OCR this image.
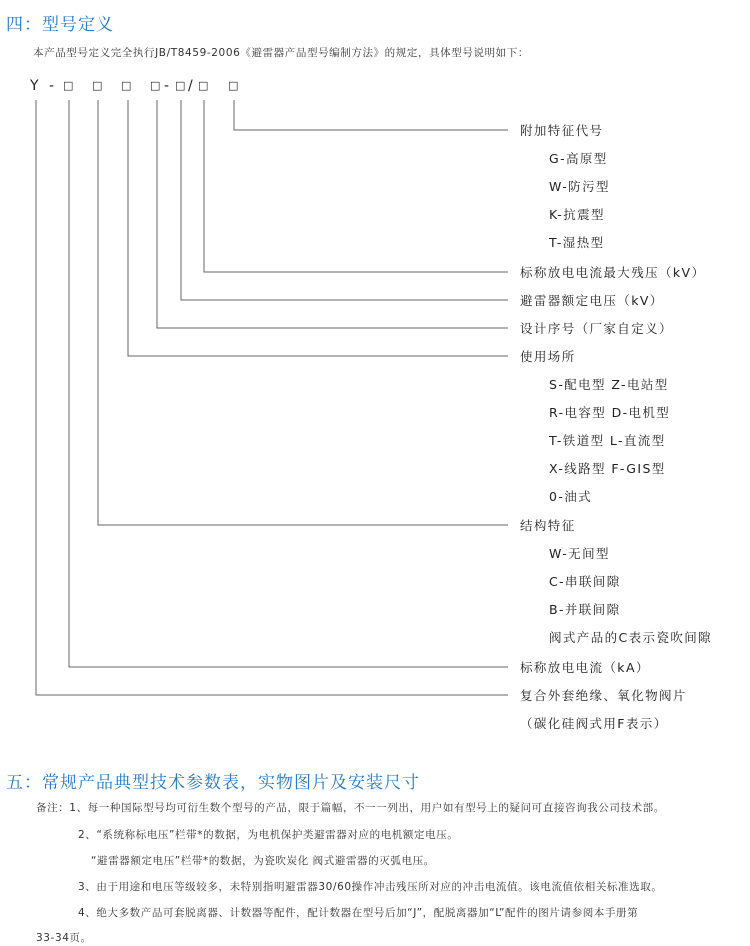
四：型号定义
本产品型号定义完全执行JB/T8459-2006《避雷器产品型号编制方法》的规定，具体型号说明如下：
Y - □ □ □ □ - □ / □ □
附加特征代号
G-高原型
W-防污型
K-抗震型
T-湿热型
标称放电电流最大残压（kV）
避雷器额定电压（kV）
设计序号（厂家自定义）
使用场所
S-配电型 Z-电站型
R-电容型 D-电机型
T-铁道型 L-直流型
X-线路型 F-GIS型
0-油式
结构特征
W-无间型
C-串联间隙
B-并联间隙
阀式产品的C表示瓷吹间隙
标称放电电流（kA）
复合外套绝缘、氧化物阀片
（碳化硅阀式用F表示）
五：常规产品典型技术参数表，实物图片及安装尺寸
备注：1、每一种国际型号均可衍生数个型号的产品，限于篇幅，不一一列出，用户如有型号上的疑问可直接咨询我公司技术部。
2、“系统称标电压”栏带*的数据，为电机保护类避雷器对应的电机额定电压。
“避雷器额定电压”栏带*的数据，为瓷吹炭化 阀式避雷器的灭弧电压。
3、由于用途和电压等级较多，未特别指明避雷器30/60操作冲击残压所对应的冲击电流值。该电流值依相关标准选取。
4、绝大多数产品可套脱离器、计数器等配件，配计数器在型号后加“J”，配脱离器加“L”配件的图片请参阅本手册第
33-34页。
